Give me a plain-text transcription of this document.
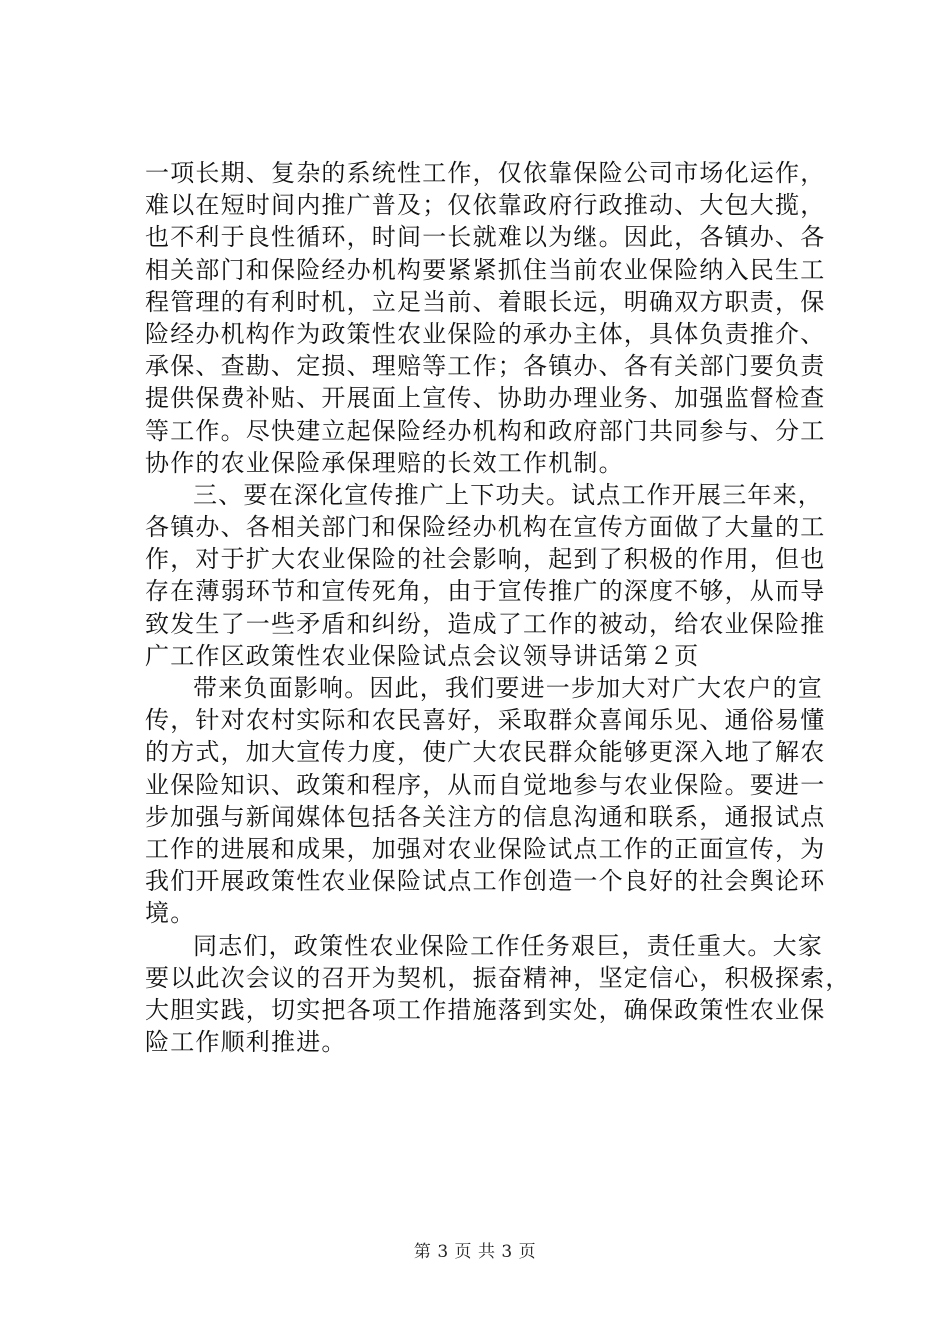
一项长期、复杂的系统性工作，仅依靠保险公司市场化运作，
难以在短时间内推广普及；仅依靠政府行政推动、大包大揽，
也不利于良性循环，时间一长就难以为继。因此，各镇办、各
相关部门和保险经办机构要紧紧抓住当前农业保险纳入民生工
程管理的有利时机，立足当前、着眼长远，明确双方职责，保
险经办机构作为政策性农业保险的承办主体，具体负责推介、
承保、查勘、定损、理赔等工作；各镇办、各有关部门要负责
提供保费补贴、开展面上宣传、协助办理业务、加强监督检查
等工作。尽快建立起保险经办机构和政府部门共同参与、分工
协作的农业保险承保理赔的长效工作机制。
三、要在深化宣传推广上下功夫。试点工作开展三年来，
各镇办、各相关部门和保险经办机构在宣传方面做了大量的工
作，对于扩大农业保险的社会影响，起到了积极的作用，但也
存在薄弱环节和宣传死角，由于宣传推广的深度不够，从而导
致发生了一些矛盾和纠纷，造成了工作的被动，给农业保险推
广工作区政策性农业保险试点会议领导讲话第２页
带来负面影响。因此，我们要进一步加大对广大农户的宣
传，针对农村实际和农民喜好，采取群众喜闻乐见、通俗易懂
的方式，加大宣传力度，使广大农民群众能够更深入地了解农
业保险知识、政策和程序，从而自觉地参与农业保险。要进一
步加强与新闻媒体包括各关注方的信息沟通和联系，通报试点
工作的进展和成果，加强对农业保险试点工作的正面宣传，为
我们开展政策性农业保险试点工作创造一个良好的社会舆论环
境。
同志们，政策性农业保险工作任务艰巨，责任重大。大家
要以此次会议的召开为契机，振奋精神，坚定信心，积极探索，
大胆实践，切实把各项工作措施落到实处，确保政策性农业保
险工作顺利推进。
第 3 页 共 3 页
